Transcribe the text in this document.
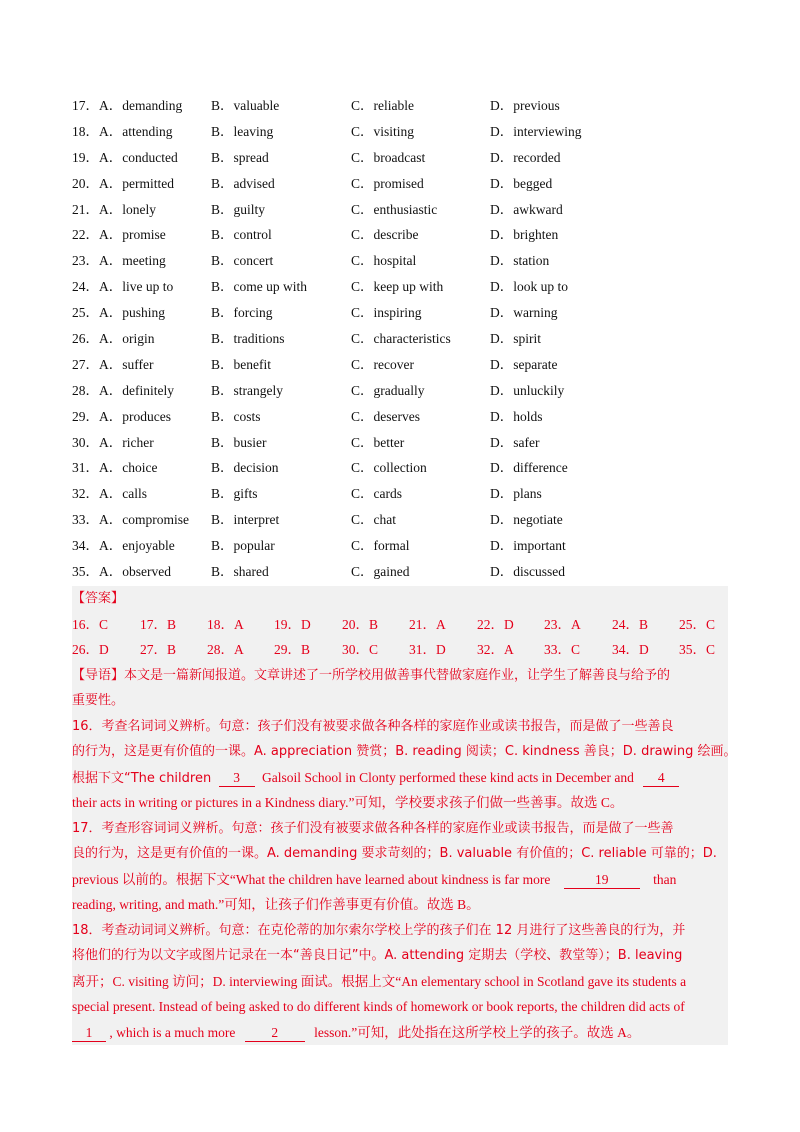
17．A．demanding B．valuable	C．reliable	D．previous
18．A．attending	B．leaving	C．visiting	D．interviewing
19．A．conducted B．spread	C．broadcast	D．recorded
20．A．permitted	B．advised	C．promised	D．begged
21．A．lonely	B．guilty	C．enthusiastic	D．awkward
22．A．promise	B．control	C．describe	D．brighten
23．A．meeting	B．concert	C．hospital	D．station
24．A．live up to	B．come up with	C．keep up with	D．look up to
25．A．pushing	B．forcing	C．inspiring	D．warning
26．A．origin	B．traditions	C．characteristics	D．spirit
27．A．suffer	B．benefit	C．recover	D．separate
28．A．definitely	B．strangely	C．gradually	D．unluckily
29．A．produces	B．costs	C．deserves	D．holds
30．A．richer	B．busier	C．better	D．safer
31．A．choice	B．decision	C．collection	D．difference
32．A．calls	B．gifts	C．cards	D．plans
33．A．compromise B．interpret	C．chat	D．negotiate
34．A．enjoyable	B．popular	C．formal	D．important
35．A．observed	B．shared	C．gained	D．discussed
【答案】
16．C 17．B 18．A 19．D 20．B 21．A 22．D 23．A 24．B 25．C
26．D 27．B 28．A 29．B 30．C 31．D 32．A 33．C 34．D 35．C
【导语】本文是一篇新闻报道。文章讲述了一所学校用做善事代替做家庭作业，让学生了解善良与给予的
重要性。
16．考查名词词义辨析。句意：孩子们没有被要求做各种各样的家庭作业或读书报告，而是做了一些善良
的行为，这是更有价值的一课。A. appreciation 赞赏；B. reading 阅读；C. kindness 善良；D. drawing 绘画。
根据下文“The children 3 Galsoil School in Clonty performed these kind acts in December and 4
their acts in writing or pictures in a Kindness diary.”可知，学校要求孩子们做一些善事。故选 C。
17．考查形容词词义辨析。句意：孩子们没有被要求做各种各样的家庭作业或读书报告，而是做了一些善
良的行为，这是更有价值的一课。A. demanding 要求苛刻的；B. valuable 有价值的；C. reliable 可靠的；D.
previous 以前的。根据下文“What the children have learned about kindness is far more	19	than
reading, writing, and math.”可知，让孩子们作善事更有价值。故选 B。
18．考查动词词义辨析。句意：在克伦蒂的加尔索尔学校上学的孩子们在 12 月进行了这些善良的行为，并
将他们的行为以文字或图片记录在一本“善良日记”中。A. attending 定期去（学校、教堂等）；B. leaving
离开；C. visiting 访问；D. interviewing 面试。根据上文“An elementary school in Scotland gave its students a
special present. Instead of being asked to do different kinds of homework or book reports, the children did acts of
1 , which is a much more	2	lesson.”可知，此处指在这所学校上学的孩子。故选 A。
